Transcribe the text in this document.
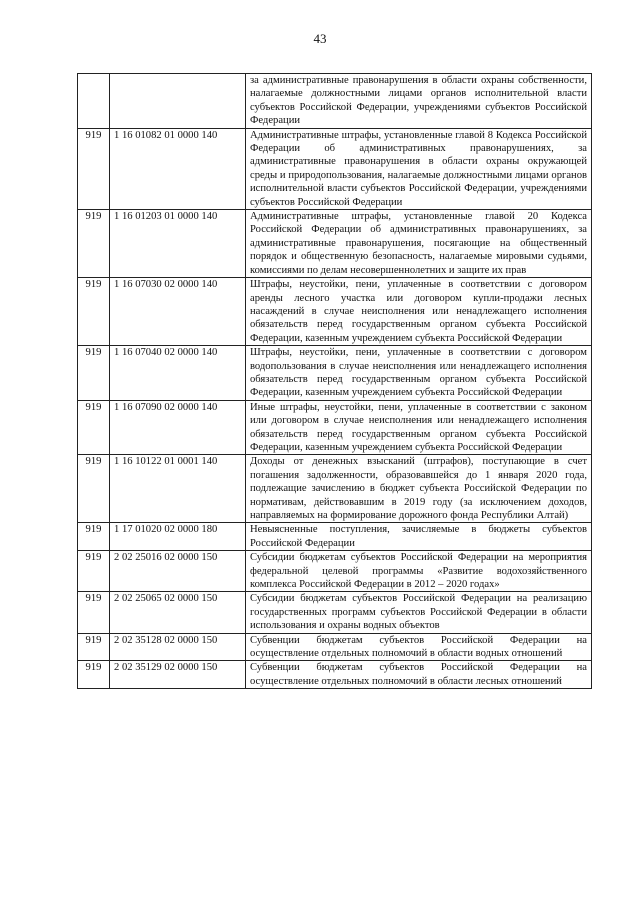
43
		за административные правонарушения в области охраны собственности, налагаемые должностными лицами органов исполнительной власти субъектов Российской Федерации, учреждениями субъектов Российской Федерации
919	1 16 01082 01 0000 140	Административные штрафы, установленные главой 8 Кодекса Российской Федерации об административных правонарушениях, за административные правонарушения в области охраны окружающей среды и природопользования, налагаемые должностными лицами органов исполнительной власти субъектов Российской Федерации, учреждениями субъектов Российской Федерации
919	1 16 01203 01 0000 140	Административные штрафы, установленные главой 20 Кодекса Российской Федерации об административных правонарушениях, за административные правонарушения, посягающие на общественный порядок и общественную безопасность, налагаемые мировыми судьями, комиссиями по делам несовершеннолетних и защите их прав
919	1 16 07030 02 0000 140	Штрафы, неустойки, пени, уплаченные в соответствии с договором аренды лесного участка или договором купли-продажи лесных насаждений в случае неисполнения или ненадлежащего исполнения обязательств перед государственным органом субъекта Российской Федерации, казенным учреждением субъекта Российской Федерации
919	1 16 07040 02 0000 140	Штрафы, неустойки, пени, уплаченные в соответствии с договором водопользования в случае неисполнения или ненадлежащего исполнения обязательств перед государственным органом субъекта Российской Федерации, казенным учреждением субъекта Российской Федерации
919	1 16 07090 02 0000 140	Иные штрафы, неустойки, пени, уплаченные в соответствии с законом или договором в случае неисполнения или ненадлежащего исполнения обязательств перед государственным органом субъекта Российской Федерации, казенным учреждением субъекта Российской Федерации
919	1 16 10122 01 0001 140	Доходы от денежных взысканий (штрафов), поступающие в счет погашения задолженности, образовавшейся до 1 января 2020 года, подлежащие зачислению в бюджет субъекта Российской Федерации по нормативам, действовавшим в 2019 году (за исключением доходов, направляемых на формирование дорожного фонда Республики Алтай)
919	1 17 01020 02 0000 180	Невыясненные поступления, зачисляемые в бюджеты субъектов Российской Федерации
919	2 02 25016 02 0000 150	Субсидии бюджетам субъектов Российской Федерации на мероприятия федеральной целевой программы «Развитие водохозяйственного комплекса Российской Федерации в 2012 – 2020 годах»
919	2 02 25065 02 0000 150	Субсидии бюджетам субъектов Российской Федерации на реализацию государственных программ субъектов Российской Федерации в области использования и охраны водных объектов
919	2 02 35128 02 0000 150	Субвенции бюджетам субъектов Российской Федерации на осуществление отдельных полномочий в области водных отношений
919	2 02 35129 02 0000 150	Субвенции бюджетам субъектов Российской Федерации на осуществление отдельных полномочий в области лесных отношений
